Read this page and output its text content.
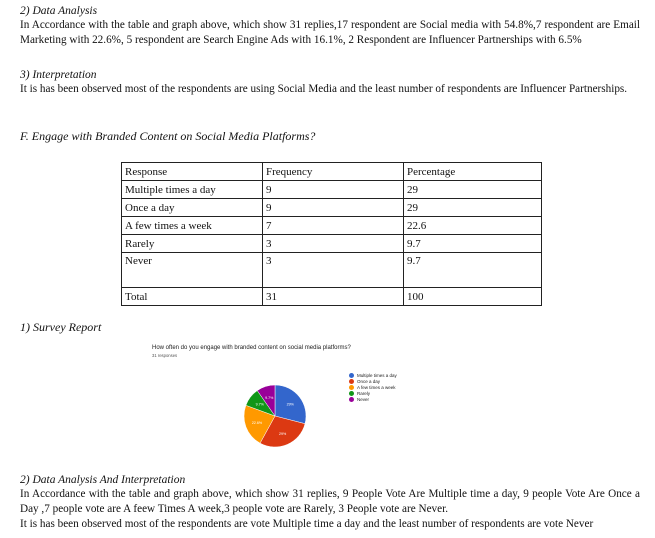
2) Data Analysis
In Accordance with the table and graph above, which show 31 replies,17 respondent are Social media with 54.8%,7 respondent are Email Marketing with 22.6%, 5 respondent are Search Engine Ads with 16.1%, 2 Respondent are Influencer Partnerships with 6.5%
3) Interpretation
It is has been observed most of the respondents are using Social Media and the least number of respondents are Influencer Partnerships.
F. Engage with Branded Content on Social Media Platforms?
Response	Frequency	Percentage
Multiple times a day	9	29
Once a day	9	29
A few times a week	7	22.6
Rarely	3	9.7
Never	3	9.7
Total	31	100
1) Survey Report
How often do you engage with branded content on social media platforms?
31 responses
29%
29%
22.6%
9.7%
9.7%
Multiple times a day
Once a day
A few times a week
Rarely
Never
2) Data Analysis And Interpretation
In Accordance with the table and graph above, which show 31 replies, 9 People Vote Are Multiple time a day, 9 people Vote Are Once a Day ,7 people vote are A feew Times A week,3 people vote are Rarely, 3 People vote are Never.
It is has been observed most of the respondents are vote Multiple time a day and the least number of respondents are vote Never
